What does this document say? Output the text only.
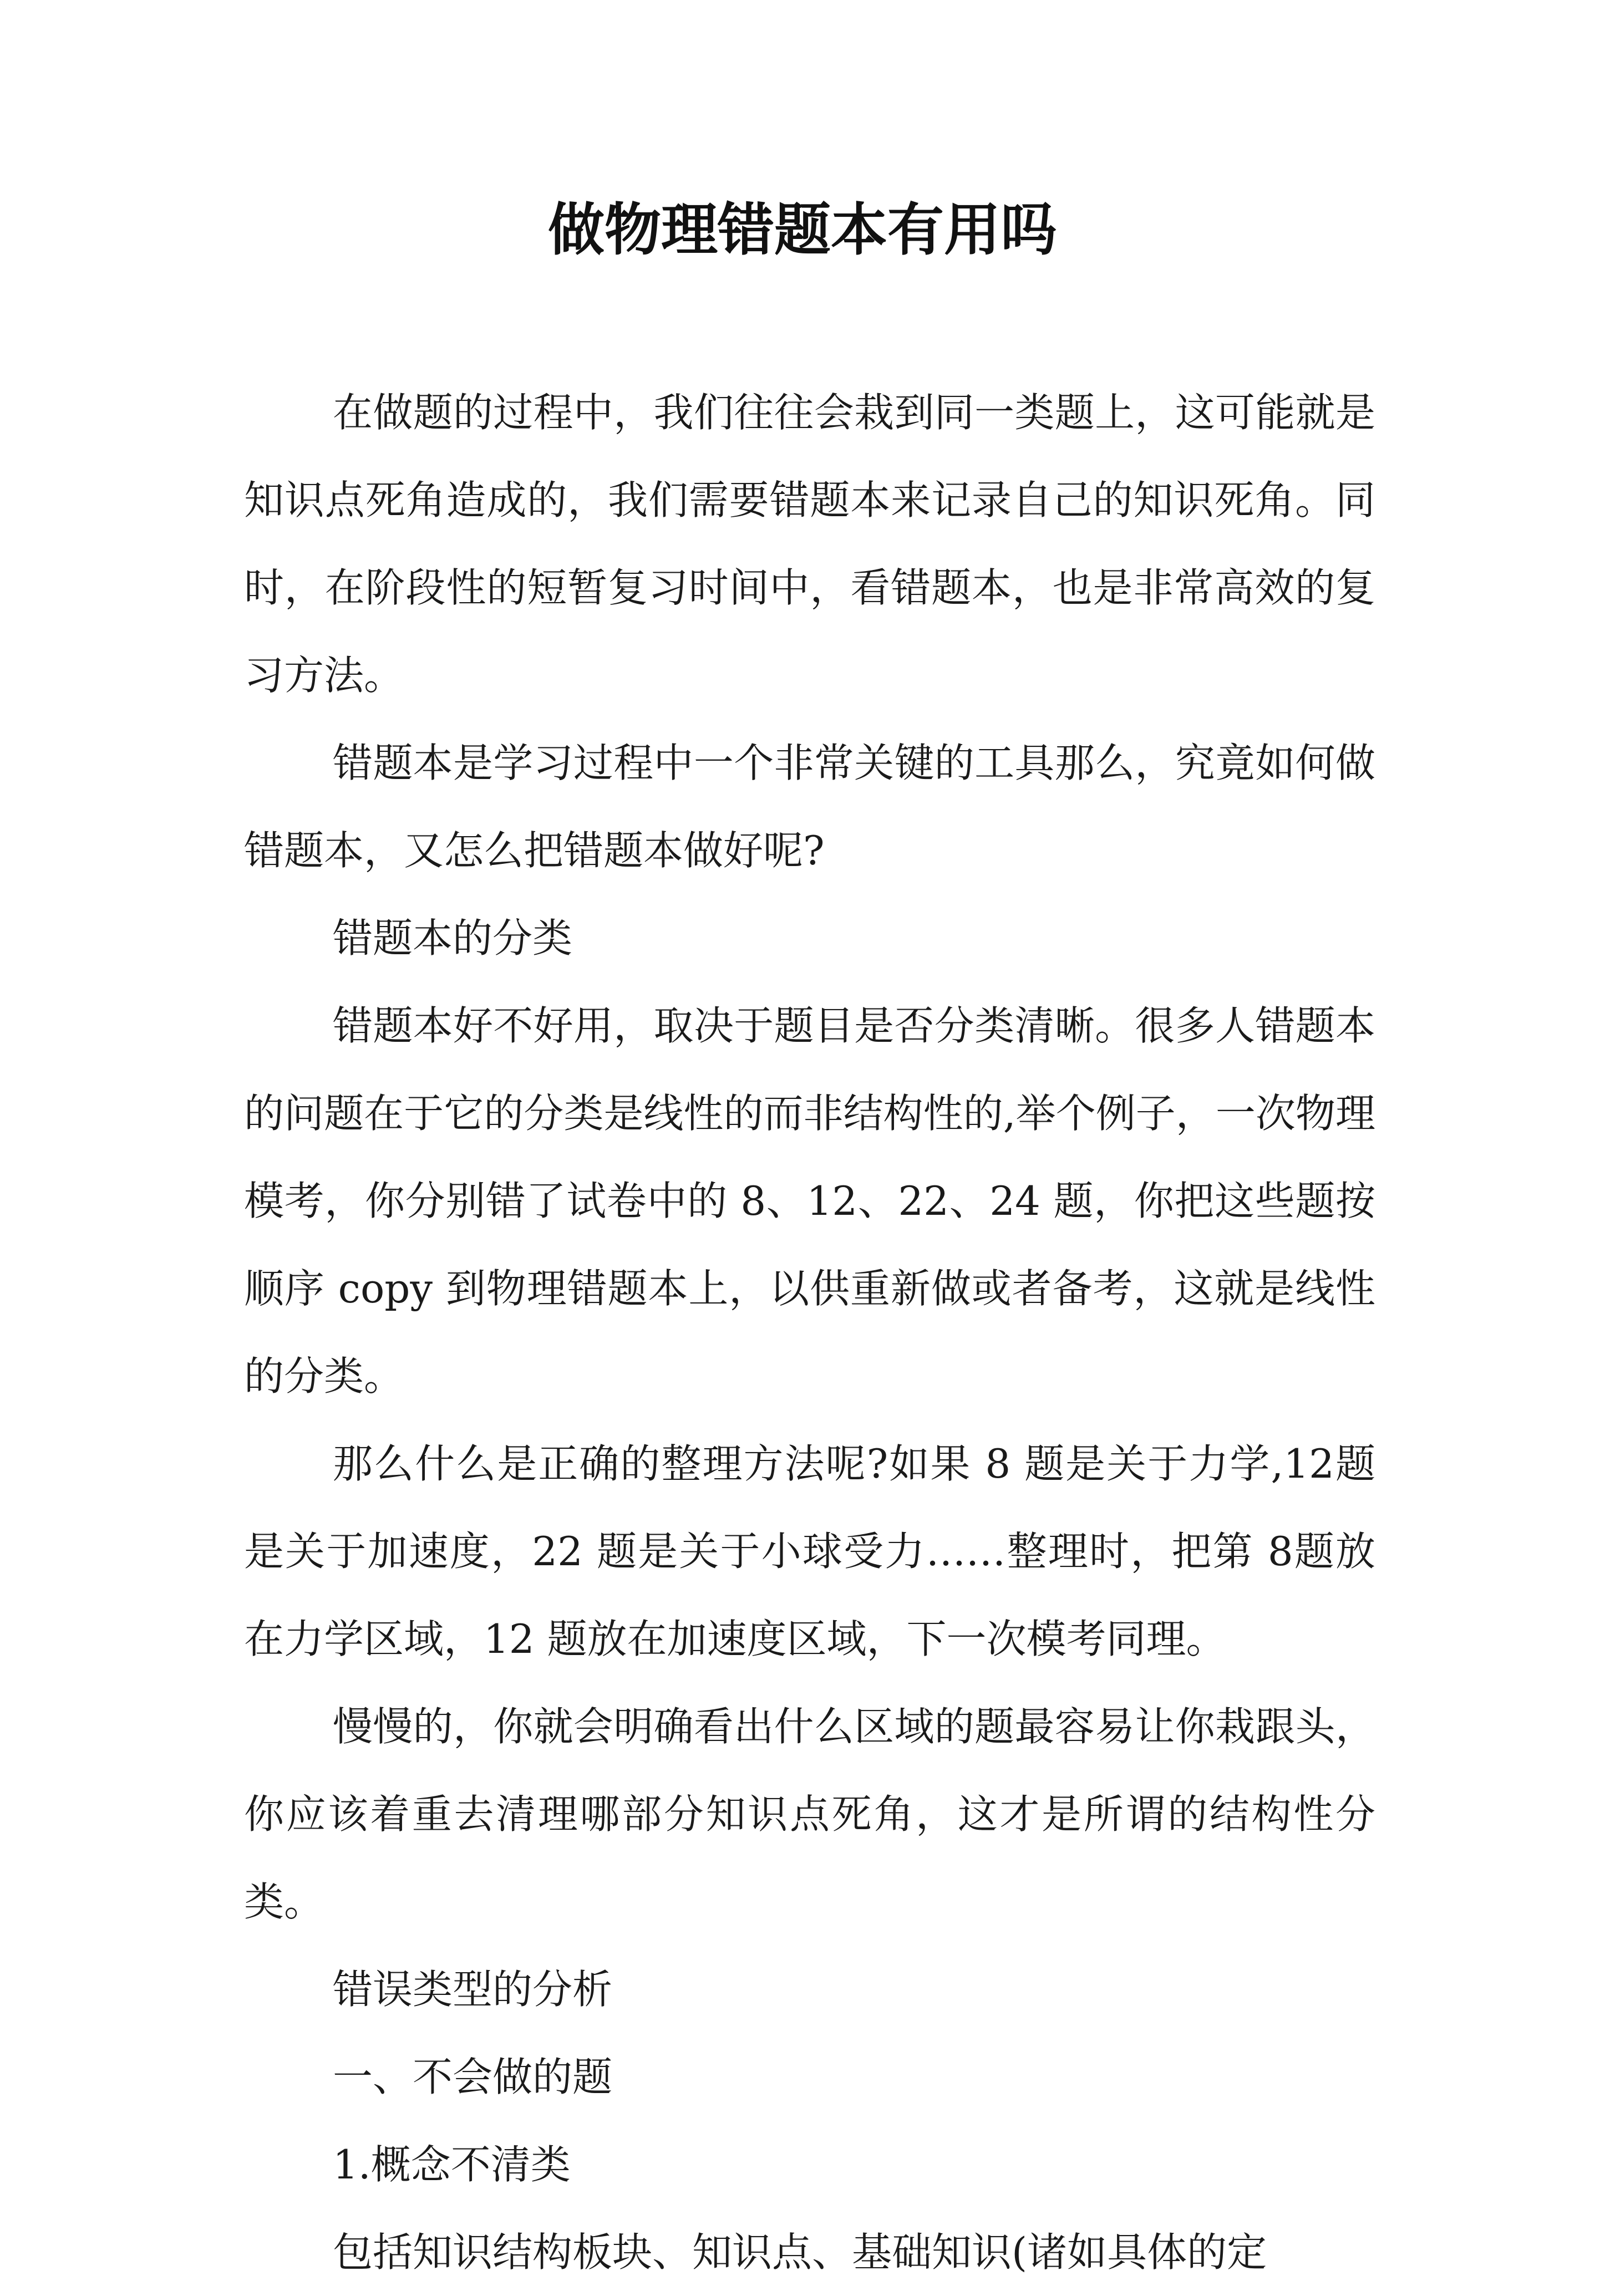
做物理错题本有用吗

在做题的过程中，我们往往会栽到同一类题上，这可能就是知识点死角造成的，我们需要错题本来记录自己的知识死角。同时，在阶段性的短暂复习时间中，看错题本，也是非常高效的复习方法。

错题本是学习过程中一个非常关键的工具那么，究竟如何做错题本，又怎么把错题本做好呢?

错题本的分类

错题本好不好用，取决于题目是否分类清晰。很多人错题本的问题在于它的分类是线性的而非结构性的,举个例子，一次物理模考，你分别错了试卷中的 8、12、22、24 题，你把这些题按顺序 copy 到物理错题本上，以供重新做或者备考，这就是线性的分类。

那么什么是正确的整理方法呢?如果 8 题是关于力学,12题是关于加速度，22 题是关于小球受力……整理时，把第 8题放在力学区域，12 题放在加速度区域，下一次模考同理。

慢慢的，你就会明确看出什么区域的题最容易让你栽跟头，你应该着重去清理哪部分知识点死角，这才是所谓的结构性分类。

错误类型的分析

一、不会做的题

1.概念不清类

包括知识结构板块、知识点、基础知识(诸如具体的定
